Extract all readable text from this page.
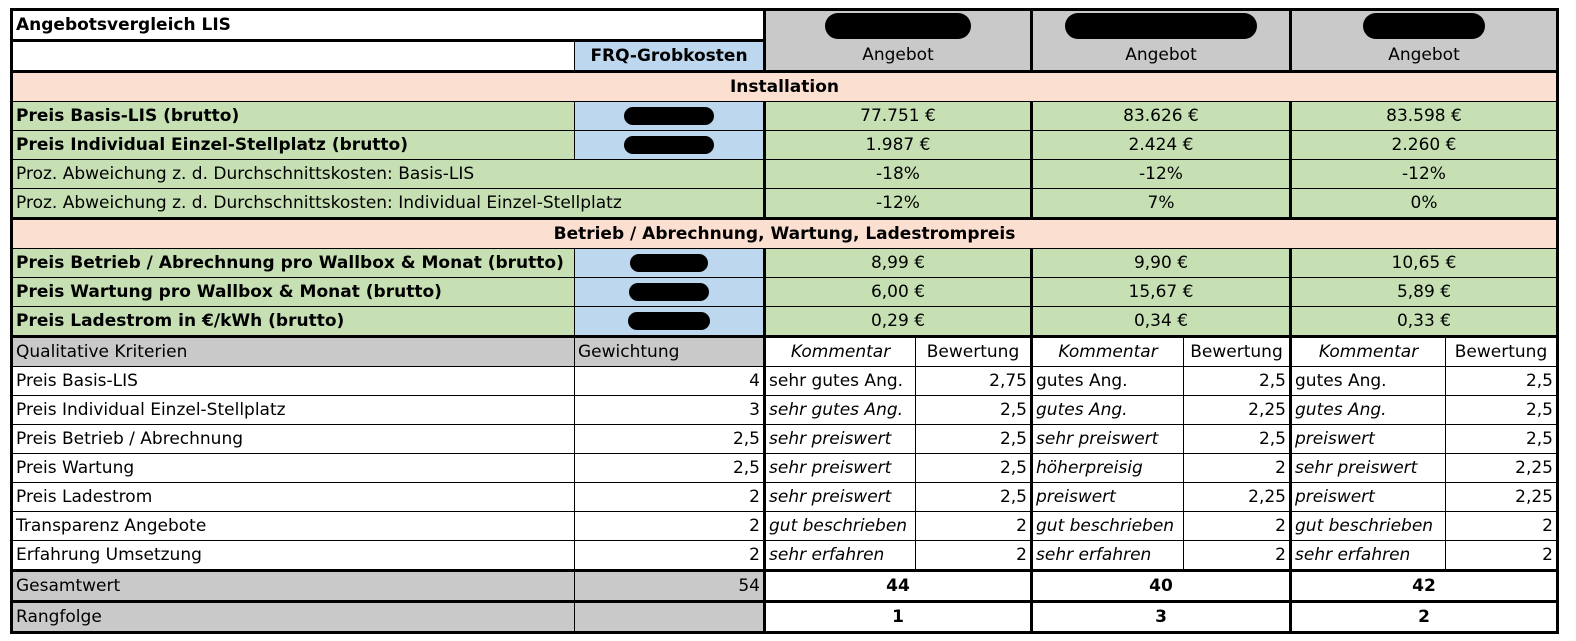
Angebotsvergleich LIS							
	FRQ-Grobkosten	Angebot		Angebot		Angebot	
Installation							
Preis Basis-LIS (brutto)		77.751 €		83.626 €		83.598 €	
Preis Individual Einzel-Stellplatz (brutto)		1.987 €		2.424 €		2.260 €	
Proz. Abweichung z. d. Durchschnittskosten: Basis-LIS		-18%		-12%		-12%	
Proz. Abweichung z. d. Durchschnittskosten: Individual Einzel-Stellplatz		-12%		7%		0%	
Betrieb / Abrechnung, Wartung, Ladestrompreis							
Preis Betrieb / Abrechnung pro Wallbox & Monat (brutto)		8,99 €		9,90 €		10,65 €	
Preis Wartung pro Wallbox & Monat (brutto)		6,00 €		15,67 €		5,89 €	
Preis Ladestrom in €/kWh (brutto)		0,29 €		0,34 €		0,33 €	
Qualitative Kriterien	Gewichtung	Kommentar	Bewertung	Kommentar	Bewertung	Kommentar	Bewertung
Preis Basis-LIS	4	sehr gutes Ang.	2,75	gutes Ang.	2,5	gutes Ang.	2,5
Preis Individual Einzel-Stellplatz	3	sehr gutes Ang.	2,5	gutes Ang.	2,25	gutes Ang.	2,5
Preis Betrieb / Abrechnung	2,5	sehr preiswert	2,5	sehr preiswert	2,5	preiswert	2,5
Preis Wartung	2,5	sehr preiswert	2,5	höherpreisig	2	sehr preiswert	2,25
Preis Ladestrom	2	sehr preiswert	2,5	preiswert	2,25	preiswert	2,25
Transparenz Angebote	2	gut beschrieben	2	gut beschrieben	2	gut beschrieben	2
Erfahrung Umsetzung	2	sehr erfahren	2	sehr erfahren	2	sehr erfahren	2
Gesamtwert	54	44		40		42	
Rangfolge		1		3		2	
